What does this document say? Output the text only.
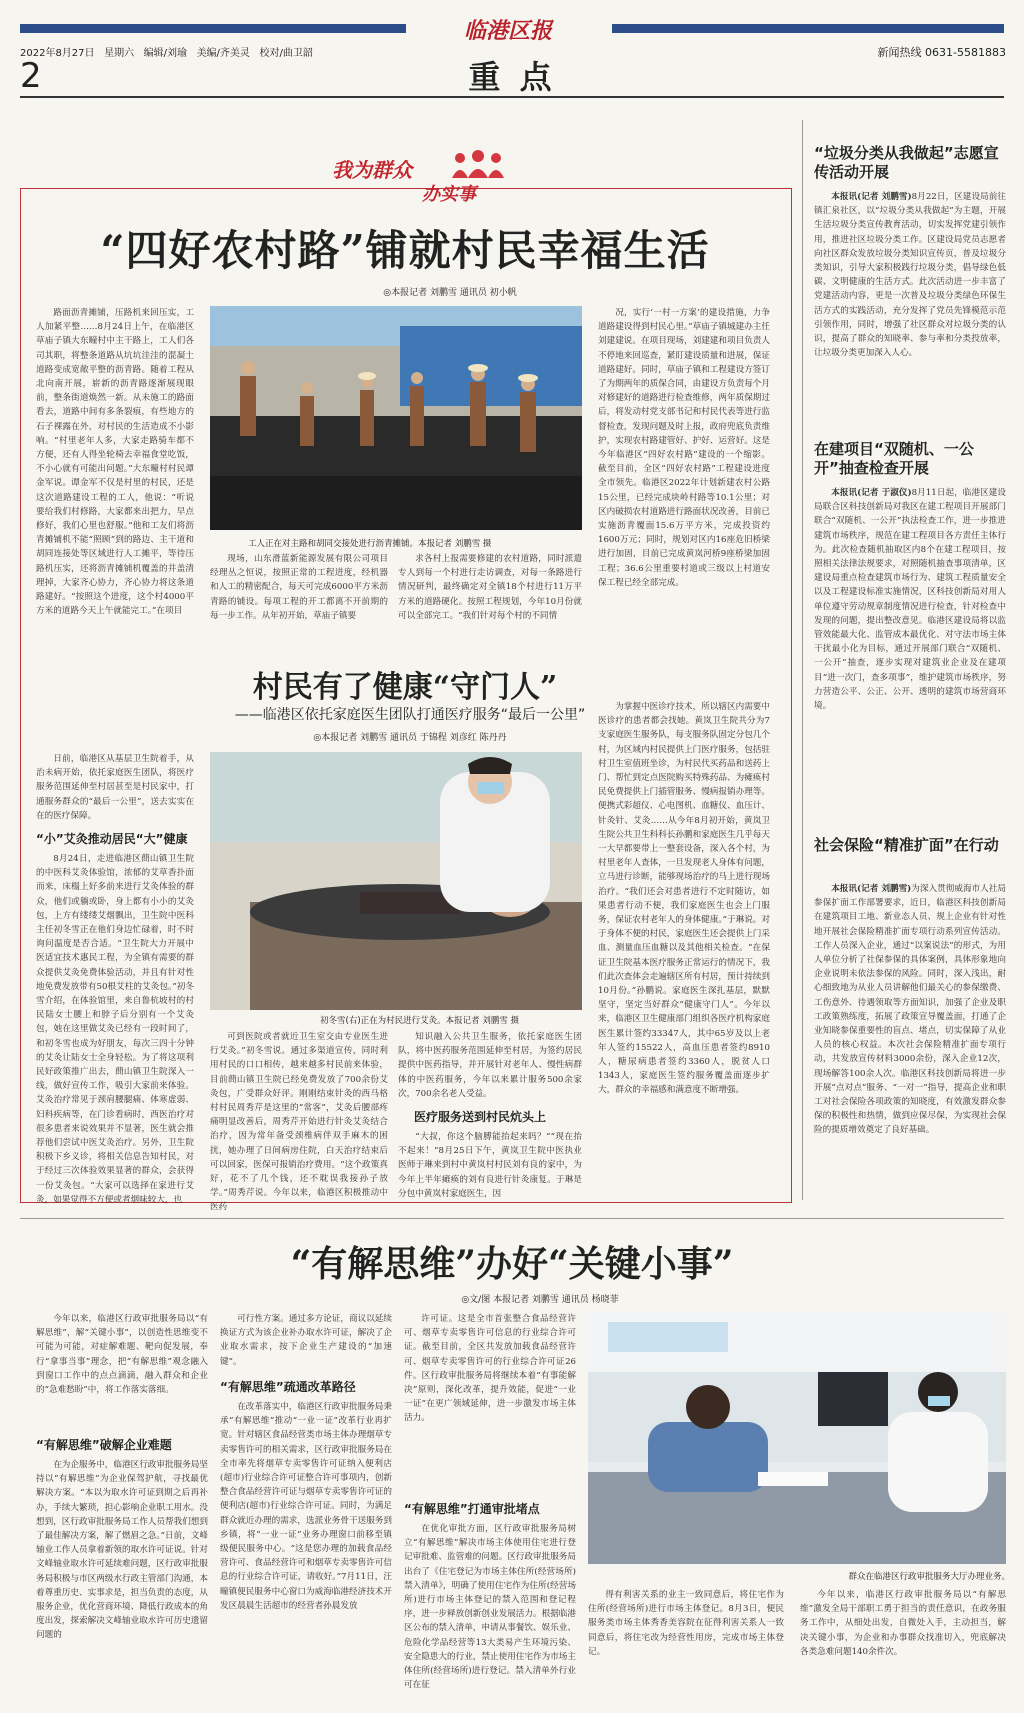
临港区报
2022年8月27日 星期六 编辑/刘瑜 美编/齐美灵 校对/曲卫韶
2	重 点
新闻热线 0631-5581883
我为群众
办实事
“四好农村路”铺就村民幸福生活
◎本报记者 刘鹏雪 通讯员 初小帆

路面沥青摊铺，压路机来回压实，工人加紧平整……8月24日上午，在临港区草庙子镇大东疃村中主干路上，工人们各司其职，将整条道路从坑坑洼洼的混凝土道路变成宽敞平整的沥青路。随着工程从北向南开展，崭新的沥青路逐渐展现眼前，整条街道焕然一新。从未施工的路面看去，道路中间有多条裂痕，有些地方的石子裸露在外，对村民的生活造成不小影响。“村里老年人多，大家走路骑车都不方便，还有人得坐轮椅去幸福食堂吃饭，不小心就有可能出问题。”大东疃村村民谭金军说。谭金军不仅是村里的村民，还是这次道路建设工程的工人，他说：“听说要给我们村修路，大家都来出把力，早点修好，我们心里也舒服。”他和工友们将沥青摊铺机不能“照顾”到的路边、主干道和胡同连接处等区域进行人工摊平，等待压路机压实，还将沥青摊铺机覆盖的井盖清理掉，大家齐心协力，齐心协力将这条道路建好。“按照这个进度，这个村4000平方米的道路今天上午就能完工。”在项目

工人正在对主路和胡同交接处进行沥青摊铺。本报记者 刘鹏雪 摄

现场，山东滑蓝新能源发展有限公司项目经理丛之恒说，按照正常的工程进度，经机器和人工的精密配合，每天可完成6000平方米沥青路的铺设。每项工程的开工都离不开前期的每一步工作。从年初开始，草庙子镇要

求各村上报需要修建的农村道路，同时派遣专人到每一个村进行走访调查，对每一条路进行情况研判，最终确定对全镇18个村进行11万平方米的道路硬化。按照工程规划，今年10月份就可以全部完工。“我们针对每个村的不同情

况，实行‘一村一方案’的建设措施，力争道路建设得到村民心里。”草庙子镇城建办主任刘建建说。在项目现场，刘建建和项目负责人不停地来回巡查，紧盯建设质量和进展，保证道路建好。同时，草庙子镇和工程建设方签订了为期两年的质保合同，由建设方负责每个月对修建好的道路进行检查维修，两年质保期过后，将发动村党支部书记和村民代表等进行监督检查，发现问题及时上报，政府兜底负责维护，实现农村路建管好、护好、运营好。这是今年临港区“四好农村路”建设的一个缩影。截至目前，全区“四好农村路”工程建设进度全市领先。临港区2022年计划新建农村公路15公里，已经完成块岭村路等10.1公里；对区内破损农村道路进行路面状况改善，目前已实施沥青覆面15.6万平方米，完成投资约1600万元；同时，规划对区内16座危旧桥梁进行加固，目前已完成黄岚河桥9座桥梁加固工程；36.6公里重要村道或三级以上村道安保工程已经全部完成。

村民有了健康“守门人”
——临港区依托家庭医生团队打通医疗服务“最后一公里”
◎本报记者 刘鹏雪 通讯员 于锦程 刘彦红 陈丹丹

日前，临港区从基层卫生院着手，从治未病开始，依托家庭医生团队，将医疗服务范围延伸至村居甚至是村民家中，打通服务群众的“最后一公里”，送去实实在在的医疗保障。

“小”艾灸推动居民“大”健康

8月24日，走进临港区蔄山镇卫生院的中医科艾灸体验馆，浓郁的艾草香扑面而来，床榻上好多前来进行艾灸体验的群众，他们或躺或卧，身上都有小小的艾灸包，上方有缕缕艾烟飘出，卫生院中医科主任初冬雪正在他们身边忙碌着，时不时询问温度是否合适。“卫生院大力开展中医适宜技术惠民工程，为全镇有需要的群众提供艾灸免费体验活动，并且有针对性地免费发放带有50根艾柱的艾灸包。”初冬雪介绍，在体验馆里，来自鲁杭坡村的村民陆女士腰上和脖子后分别有一个艾灸包，她在这里做艾灸已经有一段时间了，和初冬雪也成为好朋友，每次三四十分钟的艾灸让陆女士全身轻松。为了将这项利民好政策推广出去，蔄山镇卫生院深入一线，做好宣传工作，吸引大家前来体验。艾灸治疗常见于颈肩腰腿痛、体寒虚弱、妇科疾病等，在门诊看病时，西医治疗对很多患者来说效果并不显著，医生就会推荐他们尝试中医艾灸治疗。另外，卫生院积极下乡义诊，将相关信息告知村民，对于经过三次体验效果显著的群众，会获得一份艾灸包。“大家可以选择在家进行艾灸，如果觉得不方便或者烟味较大，也

初冬雪(右)正在为村民进行艾灸。本报记者 刘鹏雪 摄

可到医院或者就近卫生室交由专业医生进行艾灸。”初冬雪说。通过多渠道宣传，同时利用村民的口口相传，越来越多村民前来体验，目前蔄山镇卫生院已经免费发放了700余份艾灸包，广受群众好评。刚刚结束针灸的西马格村村民周秀芹是这里的“常客”，艾灸后腰部疼痛明显改善后，周秀芹开始进行针灸艾灸结合治疗，因为常年备受颈椎病伴双手麻木的困扰，她办理了日间病房住院，白天治疗结束后可以回家，医保可报销治疗费用。“这个政策真好，花不了几个钱，还不耽误我接孙子放学。”周秀芹说。今年以来，临港区积极推动中医药

知识融入公共卫生服务，依托家庭医生团队，将中医药服务范围延伸至村居，为签约居民提供中医药指导，并开展针对老年人、慢性病群体的中医药服务，今年以来累计服务500余家次，700余名老人受益。

医疗服务送到村民炕头上

“大叔，你这个脑膊能抬起来吗？”“现在抬不起来！”8月25日下午，黄岚卫生院中医执业医师于琳来到村中黄岚村村民刘有良的家中，为今年上半年瘫痪的刘有良进行针灸康复。于琳是分包中黄岚村家庭医生，因

为掌握中医诊疗技术，所以辖区内需要中医诊疗的患者都会找她。黄岚卫生院共分为7支家庭医生服务队，每支服务队固定分包几个村，为区域内村民提供上门医疗服务，包括驻村卫生室值班坐诊，为村民代买药品和送药上门、帮忙到定点医院购买特殊药品、为瘫痪村民免费提供上门插管服务、慢病报销办理等。便携式彩超仪、心电图机、血糖仪、血压计、针灸针、艾灸……从今年8月初开始，黄岚卫生院公共卫生科科长孙鹏和家庭医生几乎每天一大早都要带上一整套设备，深入各个村，为村里老年人查体，一旦发现老人身体有问题，立马进行诊断，能够现场治疗的马上进行现场治疗。“我们还会对患者进行不定时随访，如果患者行动不便，我们家庭医生也会上门服务，保证农村老年人的身体健康。”于琳说。对于身体不便的村民，家庭医生还会提供上门采血、测量血压血糖以及其他相关检查。“在保证卫生院基本医疗服务正常运行的情况下，我们此次查体会走遍辖区所有村居，预计持续到10月份。”孙鹏说。家庭医生深扎基层，默默坚守，坚定当好群众“健康守门人”。今年以来，临港区卫生健康部门组织各医疗机构家庭医生累计签约33347人，其中65岁及以上老年人签约15522人，高血压患者签约8910人，糖尿病患者签约3360人，脱贫人口1343人，家庭医生签约服务覆盖面逐步扩大，群众的幸福感和满意度不断增强。

“垃圾分类从我做起”志愿宣传活动开展

本报讯(记者 刘鹏雪)8月22日，区建设局前往镇汇泉社区，以“垃圾分类从我做起”为主题，开展生活垃圾分类宣传教育活动，切实发挥党建引领作用，推进社区垃圾分类工作。区建设局党员志愿者向社区群众发放垃圾分类知识宣传页，普及垃圾分类知识，引导大家积极践行垃圾分类，倡导绿色低碳、文明健康的生活方式。此次活动进一步丰富了党建活动内容，更是一次普及垃圾分类绿色环保生活方式的实践活动，充分发挥了党员先锋模范示范引领作用，同时，增强了社区群众对垃圾分类的认识，提高了群众的知晓率、参与率和分类投放率，让垃圾分类更加深入人心。

在建项目“双随机、一公开”抽查检查开展

本报讯(记者 于淑仪)8月11日起，临港区建设局联合区科技创新局对我区在建工程项目开展部门联合“双随机、一公开”执法检查工作，进一步推进建筑市场秩序，规范在建工程项目各方责任主体行为。此次检查随机抽取区内8个在建工程项目，按照相关法律法规要求，对照随机抽查事项清单，区建设局重点检查建筑市场行为、建筑工程质量安全以及工程建设标准实施情况，区科技创新局对用人单位遵守劳动规章制度情况进行检查，针对检查中发现的问题，提出整改意见。临港区建设局将以监管效能最大化、监管成本最优化、对守法市场主体干扰最小化为目标，通过开展部门联合“双随机、一公开”抽查，逐步实现对建筑业企业及在建项目“进一次门，查多项事”，维护建筑市场秩序，努力营造公平、公正、公开、透明的建筑市场营商环境。

社会保险“精准扩面”在行动

本报讯(记者 刘鹏雪)为深入贯彻威海市人社局参保扩面工作部署要求，近日，临港区科技创新局在建筑项目工地、新业态人员、规上企业有针对性地开展社会保险精准扩面专项行动系列宣传活动。工作人员深入企业，通过“以案说法”的形式，为用人单位分析了社保参保的具体案例，具体形象地向企业说明未依法参保的风险。同时，深入浅出，耐心细致地为从业人员讲解他们最关心的参保缴费、工伤意外、待遇领取等方面知识，加强了企业及职工政策熟练度，拓展了政策宣导覆盖面，打通了企业知晓参保重要性的盲点、堵点，切实保障了从业人员的核心权益。本次社会保险精准扩面专项行动，共发放宣传材料3000余份，深入企业12次，现场解答100余人次。临港区科技创新局将进一步开展“点对点”服务、“一对一”指导，提高企业和职工对社会保险各项政策的知晓度，有效激发群众参保的积极性和热情，做到应保尽保，为实现社会保险的提质增效奠定了良好基础。

“有解思维”办好“关键小事”
◎文/图 本报记者 刘鹏雪 通讯员 杨晓菲

今年以来，临港区行政审批服务局以“有解思维”，解“关键小事”，以创造性思维变不可能为可能，对症解难题、靶向促发展，奉行“拿事当事”理念，把“有解思维”观念融入到窗口工作中的点点滴滴，融入群众和企业的“急难愁盼”中，将工作落实落细。

“有解思维”破解企业难题

在为企服务中，临港区行政审批服务局坚持以“有解思维”为企业保驾护航，寻找最优解决方案。“本以为取水许可证到期之后再补办，手续大繁琐，担心影响企业职工用水。没想到，区行政审批服务局工作人员帮我们想到了最佳解决方案，解了燃眉之急。”日前，文峰轴业工作人员拿着新领的取水许可证说。针对文峰轴业取水许可延续难问题，区行政审批服务局积极与市区两级水行政主管部门沟通，本着尊重历史、实事求是，担当负责的态度，从服务企业，优化营商环境、降低行政成本的角度出发，探索解决文峰轴业取水许可历史遗留问题的

可行性方案。通过多方论证，商议以延续换证方式为该企业补办取水许可证，解决了企业取水需求，按下企业生产建设的“加速键”。

“有解思维”疏通改革路径

在改革落实中，临港区行政审批服务局秉承“有解思维”推动“一业一证”改革行业再扩宽。针对辖区食品经营类市场主体办理烟草专卖零售许可的相关需求，区行政审批服务局在全市率先将烟草专卖零售许可证纳入便利店(超市)行业综合许可证整合许可事项内，创新整合食品经营许可证与烟草专卖零售许可证的便利店(超市)行业综合许可证。同时，为满足群众就近办理的需求，选派业务骨干送服务到乡镇，将“一业一证”业务办理窗口前移至镇级便民服务中心。“这是您办理的加载食品经营许可、食品经营许可和烟草专卖零售许可信息的行业综合许可证，请收好。”7月11日，汪疃镇便民服务中心窗口为威海临港经济技术开发区晨晨生活超市的经营者孙晨发放

许可证。这是全市首张整合食品经营许可、烟草专卖零售许可信息的行业综合许可证。截至目前，全区共发放加载食品经营许可、烟草专卖零售许可的行业综合许可证26件。区行政审批服务局将继续本着“有事能解决”原则，深化改革，提升效能，促进“一业一证”在更广领域延伸，进一步激发市场主体活力。

“有解思维”打通审批堵点

在优化审批方面，区行政审批服务局树立“有解思维”解决市场主体使用住宅进行登记审批难、监管难的问题。区行政审批服务局出台了《住宅登记为市场主体住所(经营场所)禁入清单》，明确了使用住宅作为住所(经营场所)进行市场主体登记的禁入范围和登记程序，进一步释放创新创业发展活力。根据临港区公布的禁入清单，申请从事餐饮、娱乐业、危险化学品经营等13大类易产生环境污染、安全隐患大的行业，禁止使用住宅作为市场主体住所(经营场所)进行登记。禁入清单外行业可在征

群众在临港区行政审批服务大厅办理业务。

得有利害关系的业主一致同意后，将住宅作为住所(经营场所)进行市场主体登记。8月3日，便民服务类市场主体秀香美容院在征得利害关系人一致同意后，将住宅改为经营性用房，完成市场主体登记。

今年以来，临港区行政审批服务局以“有解思维”激发全局干部职工勇于担当的责任意识，在政务服务工作中，从细处出发，自微处入手，主动担当，解决关键小事，为企业和办事群众找准切入，兜底解决各类急难问题140余件次。
